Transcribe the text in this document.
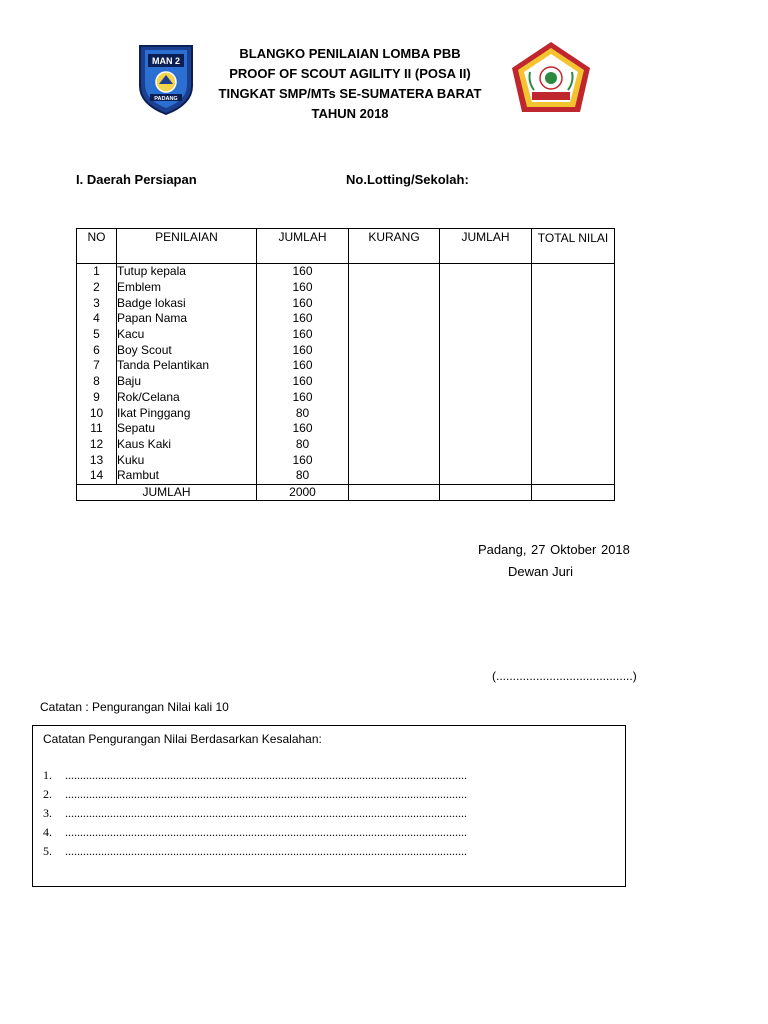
MAN 2
PADANG
BLANGKO PENILAIAN LOMBA PBB
PROOF OF SCOUT AGILITY II (POSA II)
TINGKAT SMP/MTs SE-SUMATERA BARAT
TAHUN 2018
I. Daerah Persiapan	No.Lotting/Sekolah:
NO	PENILAIAN	JUMLAH	KURANG	JUMLAH	TOTAL NILAI
1	Tutup kepala	160			
2	Emblem	160			
3	Badge lokasi	160			
4	Papan Nama	160			
5	Kacu	160			
6	Boy Scout	160			
7	Tanda Pelantikan	160			
8	Baju	160			
9	Rok/Celana	160			
10	Ikat Pinggang	80			
11	Sepatu	160			
12	Kaus Kaki	80			
13	Kuku	160			
14	Rambut	80			
JUMLAH		2000			
Padang, 27 Oktober 2018
Dewan Juri
(.........................................)
Catatan : Pengurangan Nilai kali 10
Catatan Pengurangan Nilai Berdasarkan Kesalahan:
1. ......................................................................................................................................
2. ......................................................................................................................................
3. ......................................................................................................................................
4. ......................................................................................................................................
5. ......................................................................................................................................
